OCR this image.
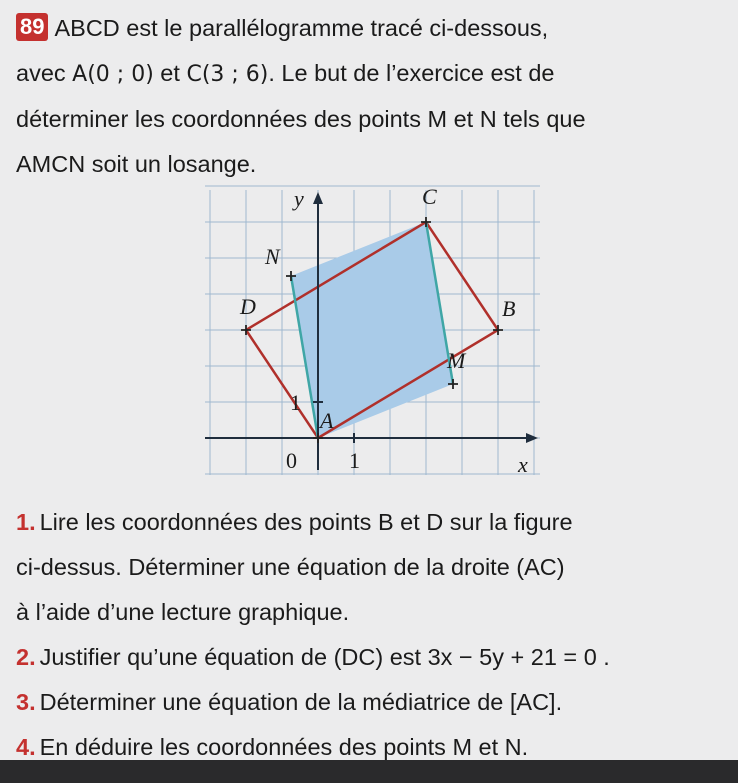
89 ABCD est le parallélogramme tracé ci-dessous,

avec A(0 ; 0) et C(3 ; 6). Le but de l’exercice est de

déterminer les coordonnées des points M et N tels que

AMCN soit un losange.

y
x
0 1
1
A
B
C
D
M
N

1. Lire les coordonnées des points B et D sur la figure

ci-dessus. Déterminer une équation de la droite (AC)

à l’aide d’une lecture graphique.

2. Justifier qu’une équation de (DC) est 3x − 5y + 21 = 0 .

3. Déterminer une équation de la médiatrice de [AC].

4. En déduire les coordonnées des points M et N.
